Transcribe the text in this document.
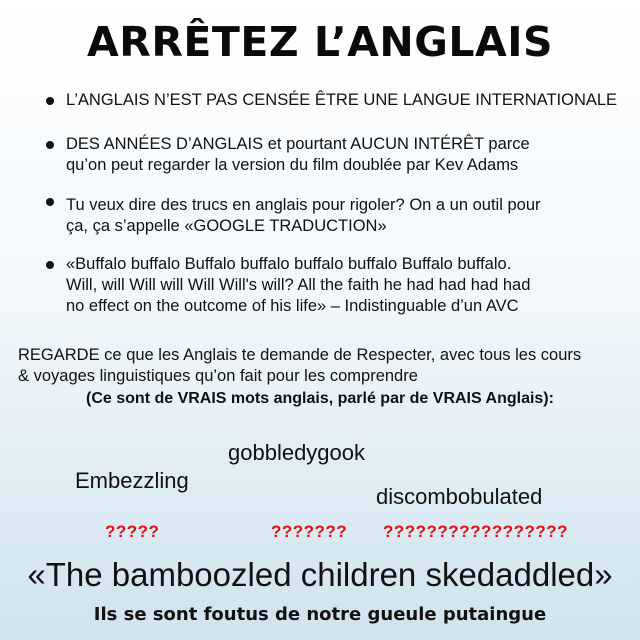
ARRÊTEZ L’ANGLAIS
L’ANGLAIS N’EST PAS CENSÉE ÊTRE UNE LANGUE INTERNATIONALE
DES ANNÉES D’ANGLAIS et pourtant AUCUN INTÉRÊT parce
qu’on peut regarder la version du film doublée par Kev Adams
Tu veux dire des trucs en anglais pour rigoler? On a un outil pour
ça, ça s’appelle «GOOGLE TRADUCTION»
«Buffalo buffalo Buffalo buffalo buffalo buffalo Buffalo buffalo.
Will, will Will will Will Will's will? All the faith he had had had had
no effect on the outcome of his life» – Indistinguable d’un AVC
REGARDE ce que les Anglais te demande de Respecter, avec tous les cours
& voyages linguistiques qu’on fait pour les comprendre
(Ce sont de VRAIS mots anglais, parlé par de VRAIS Anglais):
gobbledygook
Embezzling
discombobulated
?????	??????? ?????????????????
«The bamboozled children skedaddled»
Ils se sont foutus de notre gueule putaingue
